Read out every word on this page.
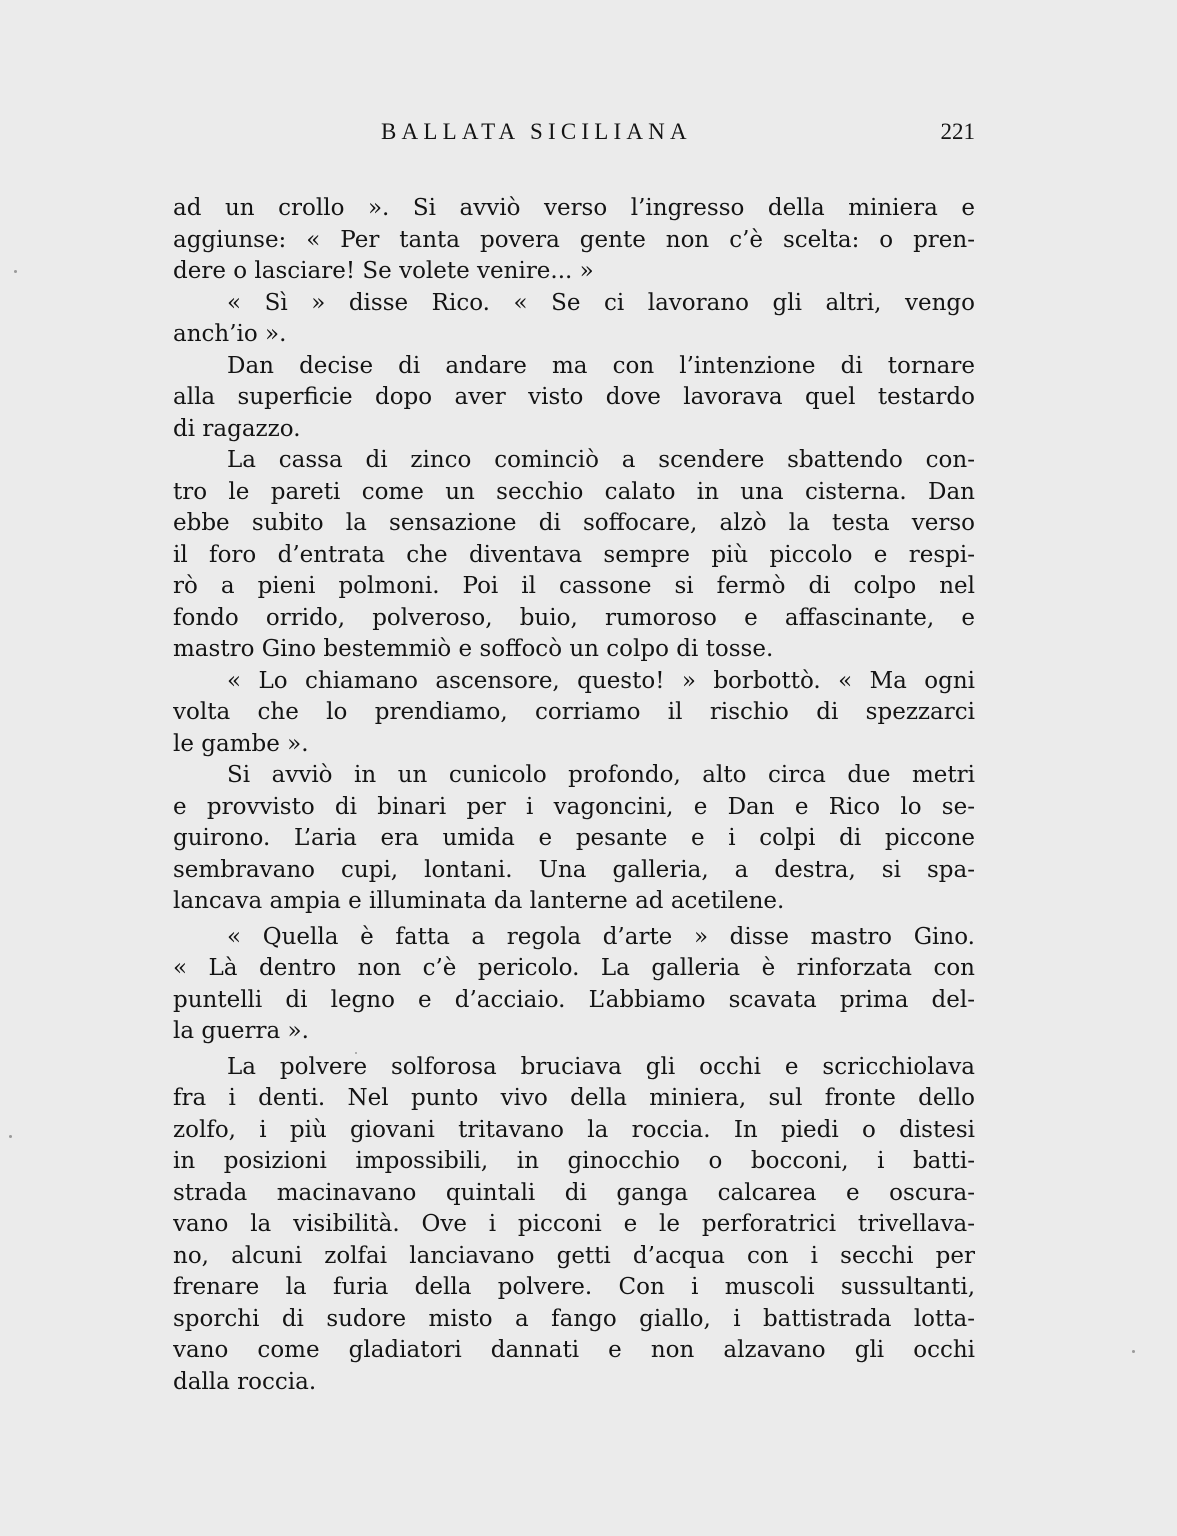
BALLATA SICILIANA	221
ad un crollo ». Si avviò verso l’ingresso della miniera e
aggiunse: « Per tanta povera gente non c’è scelta: o pren-
dere o lasciare! Se volete venire... »
« Sì » disse Rico. « Se ci lavorano gli altri, vengo
anch’io ».
Dan decise di andare ma con l’intenzione di tornare
alla superficie dopo aver visto dove lavorava quel testardo
di ragazzo.
La cassa di zinco cominciò a scendere sbattendo con-
tro le pareti come un secchio calato in una cisterna. Dan
ebbe subito la sensazione di soffocare, alzò la testa verso
il foro d’entrata che diventava sempre più piccolo e respi-
rò a pieni polmoni. Poi il cassone si fermò di colpo nel
fondo orrido, polveroso, buio, rumoroso e affascinante, e
mastro Gino bestemmiò e soffocò un colpo di tosse.
« Lo chiamano ascensore, questo! » borbottò. « Ma ogni
volta che lo prendiamo, corriamo il rischio di spezzarci
le gambe ».
Si avviò in un cunicolo profondo, alto circa due metri
e provvisto di binari per i vagoncini, e Dan e Rico lo se-
guirono. L’aria era umida e pesante e i colpi di piccone
sembravano cupi, lontani. Una galleria, a destra, si spa-
lancava ampia e illuminata da lanterne ad acetilene.
« Quella è fatta a regola d’arte » disse mastro Gino.
« Là dentro non c’è pericolo. La galleria è rinforzata con
puntelli di legno e d’acciaio. L’abbiamo scavata prima del-
la guerra ».
La polvere solforosa bruciava gli occhi e scricchiolava
fra i denti. Nel punto vivo della miniera, sul fronte dello
zolfo, i più giovani tritavano la roccia. In piedi o distesi
in posizioni impossibili, in ginocchio o bocconi, i batti-
strada macinavano quintali di ganga calcarea e oscura-
vano la visibilità. Ove i picconi e le perforatrici trivellava-
no, alcuni zolfai lanciavano getti d’acqua con i secchi per
frenare la furia della polvere. Con i muscoli sussultanti,
sporchi di sudore misto a fango giallo, i battistrada lotta-
vano come gladiatori dannati e non alzavano gli occhi
dalla roccia.
